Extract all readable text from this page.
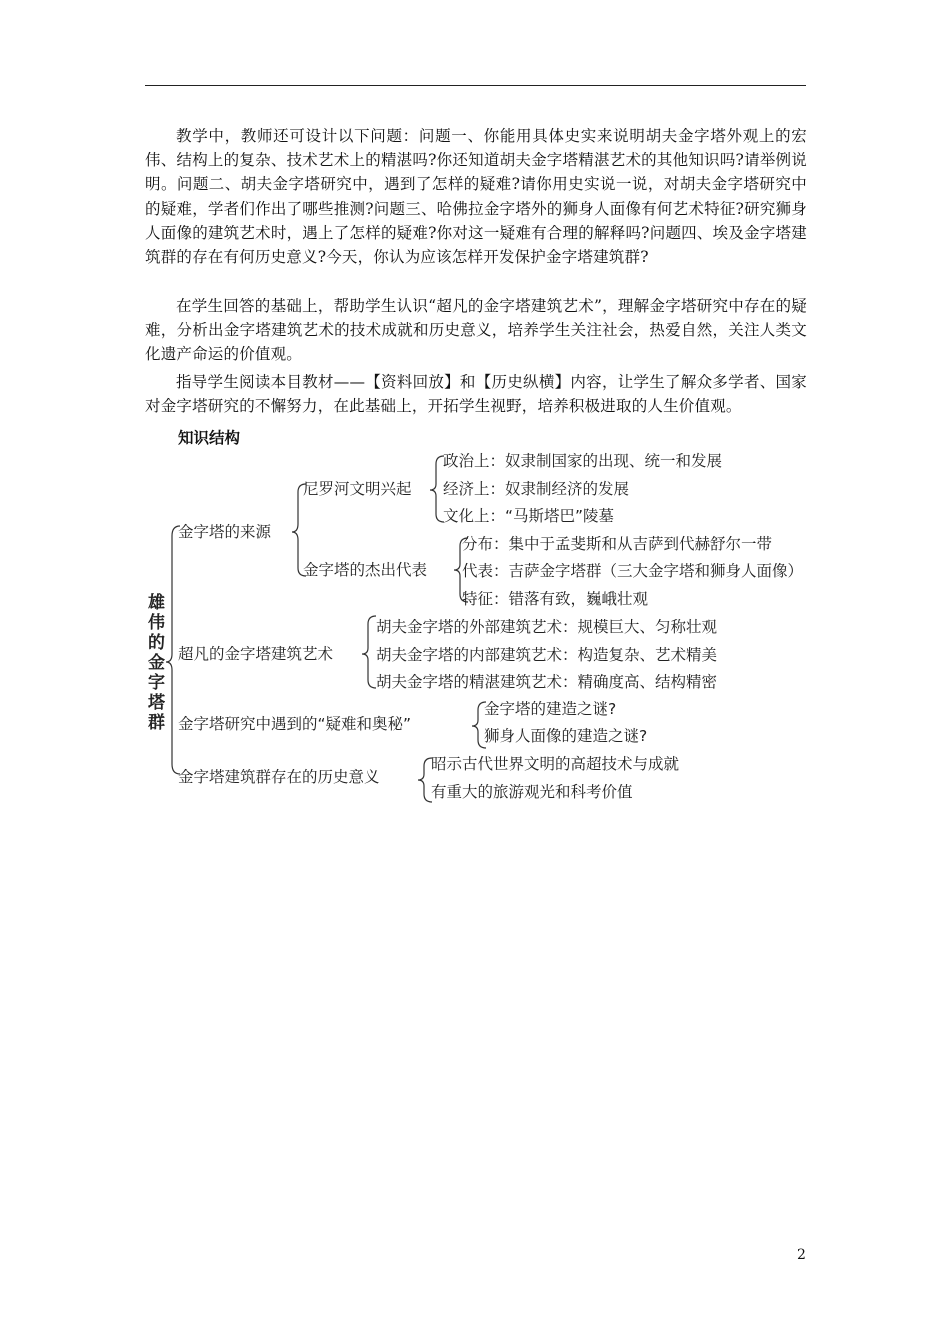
教学中，教师还可设计以下问题：问题一、你能用具体史实来说明胡夫金字塔外观上的宏伟、结构上的复杂、技术艺术上的精湛吗?你还知道胡夫金字塔精湛艺术的其他知识吗?请举例说明。问题二、胡夫金字塔研究中，遇到了怎样的疑难?请你用史实说一说，对胡夫金字塔研究中的疑难，学者们作出了哪些推测?问题三、哈佛拉金字塔外的狮身人面像有何艺术特征?研究狮身人面像的建筑艺术时，遇上了怎样的疑难?你对这一疑难有合理的解释吗?问题四、埃及金字塔建筑群的存在有何历史意义?今天，你认为应该怎样开发保护金字塔建筑群?

在学生回答的基础上，帮助学生认识“超凡的金字塔建筑艺术”，理解金字塔研究中存在的疑难，分析出金字塔建筑艺术的技术成就和历史意义，培养学生关注社会，热爱自然，关注人类文化遗产命运的价值观。

指导学生阅读本目教材——【资料回放】和【历史纵横】内容，让学生了解众多学者、国家对金字塔研究的不懈努力，在此基础上，开拓学生视野，培养积极进取的人生价值观。

知识结构
雄
伟
的
金
字
塔
群
金字塔的来源
超凡的金字塔建筑艺术
金字塔研究中遇到的“疑难和奥秘”
金字塔建筑群存在的历史意义
尼罗河文明兴起
金字塔的杰出代表
政治上：奴隶制国家的出现、统一和发展
经济上：奴隶制经济的发展
文化上：“马斯塔巴”陵墓
分布：集中于孟斐斯和从吉萨到代赫舒尔一带
代表：吉萨金字塔群（三大金字塔和狮身人面像）
特征：错落有致，巍峨壮观
胡夫金字塔的外部建筑艺术：规模巨大、匀称壮观
胡夫金字塔的内部建筑艺术：构造复杂、艺术精美
胡夫金字塔的精湛建筑艺术：精确度高、结构精密
金字塔的建造之谜?
狮身人面像的建造之谜?
昭示古代世界文明的高超技术与成就
有重大的旅游观光和科考价值
2
